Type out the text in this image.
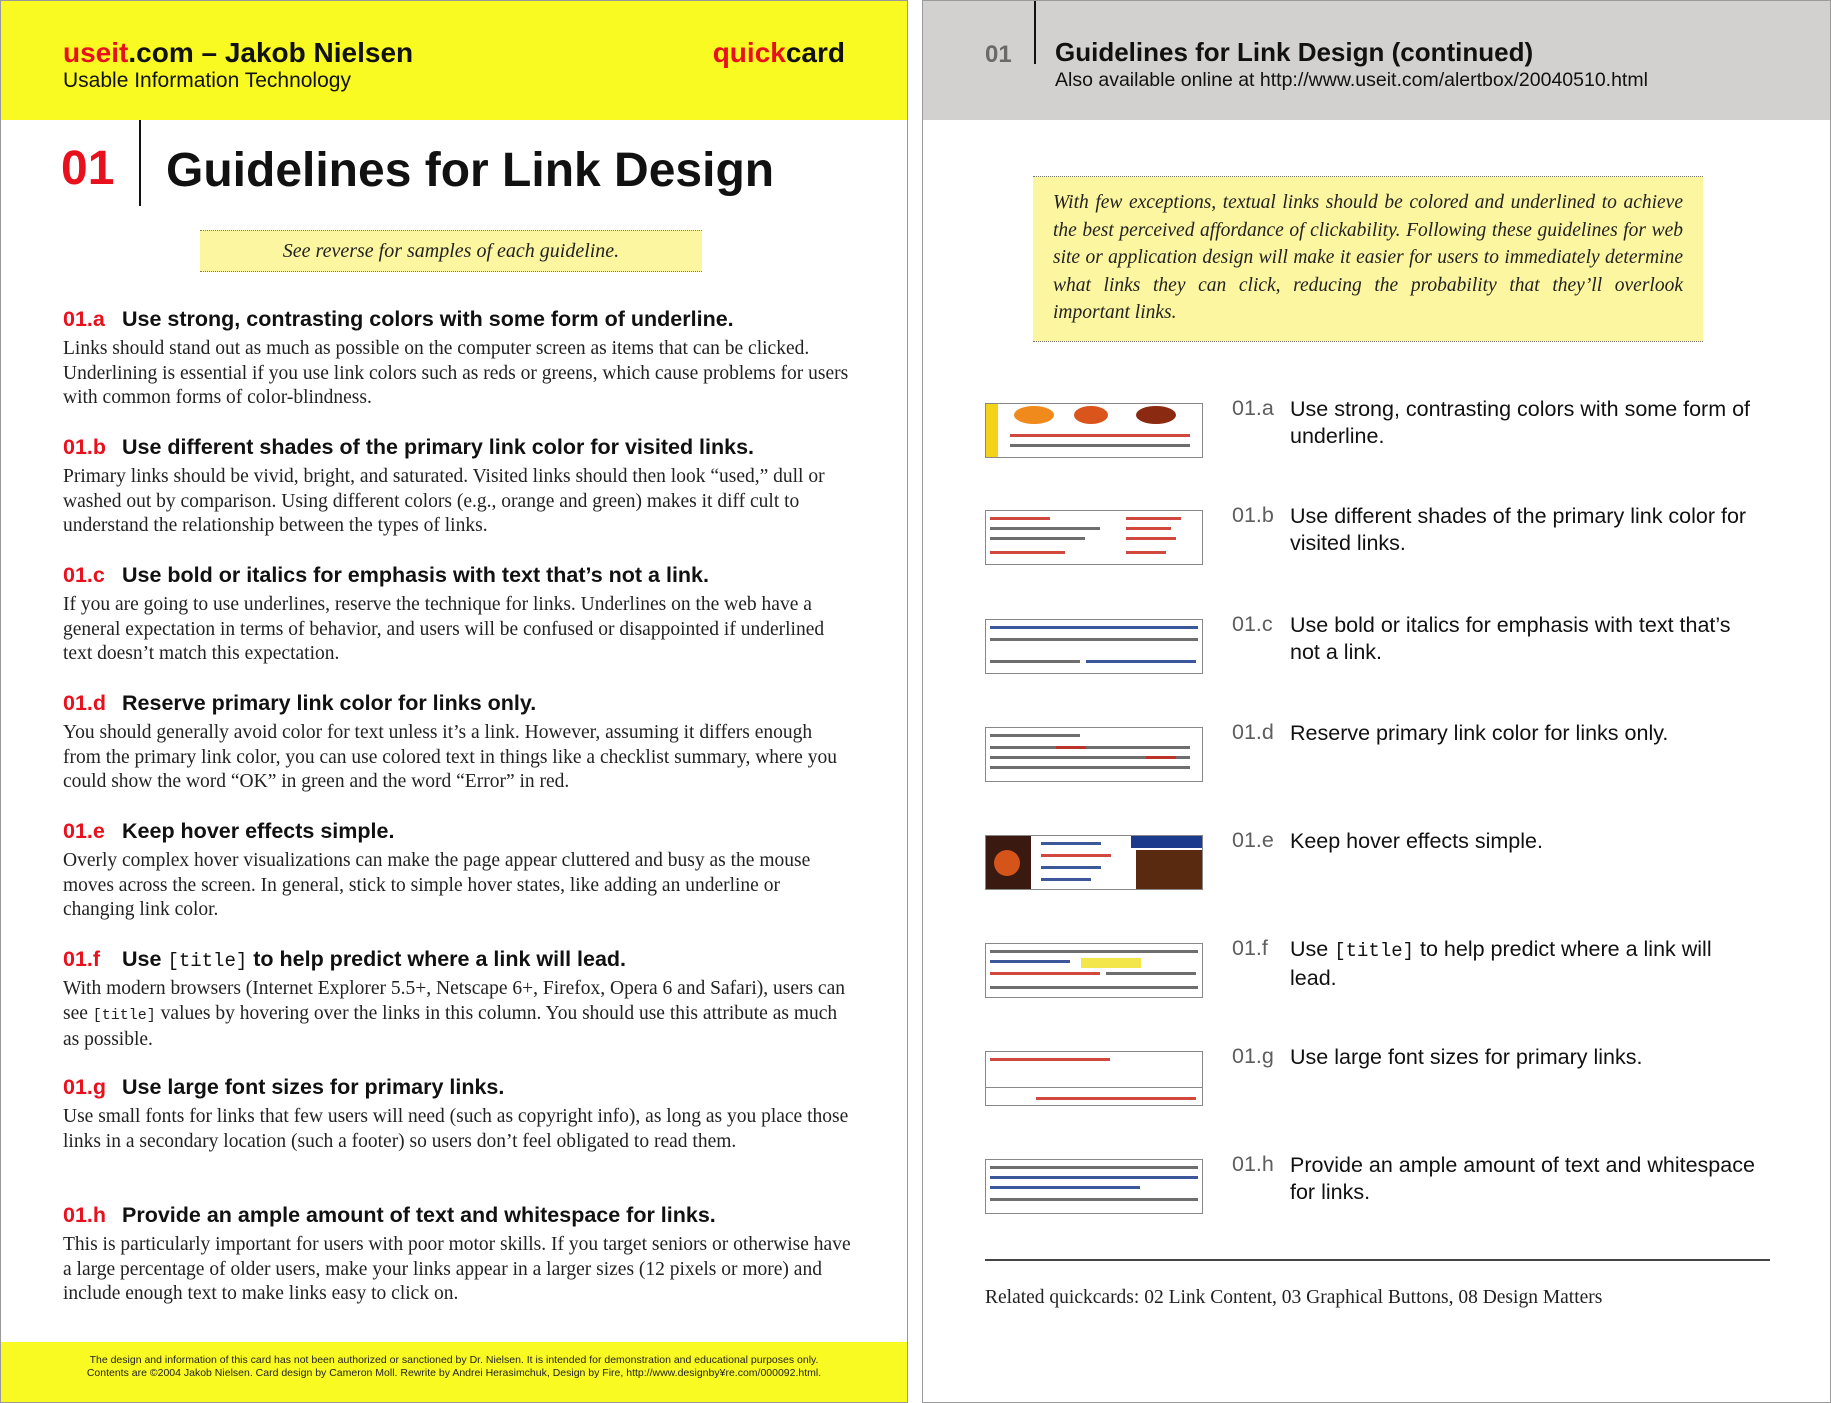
useit.com – Jakob Nielsen
Usable Information Technology
quickcard
01 Guidelines for Link Design
See reverse for samples of each guideline.
01.a Use strong, contrasting colors with some form of underline.
Links should stand out as much as possible on the computer screen as items that can be clicked. Underlining is essential if you use link colors such as reds or greens, which cause problems for users with common forms of color-blindness.
01.b Use different shades of the primary link color for visited links.
Primary links should be vivid, bright, and saturated. Visited links should then look “used,” dull or washed out by comparison. Using different colors (e.g., orange and green) makes it diff cult to understand the relationship between the types of links.
01.c Use bold or italics for emphasis with text that’s not a link.
If you are going to use underlines, reserve the technique for links. Underlines on the web have a general expectation in terms of behavior, and users will be confused or disappointed if underlined text doesn’t match this expectation.
01.d Reserve primary link color for links only.
You should generally avoid color for text unless it’s a link. However, assuming it differs enough from the primary link color, you can use colored text in things like a checklist summary, where you could show the word “OK” in green and the word “Error” in red.
01.e Keep hover effects simple.
Overly complex hover visualizations can make the page appear cluttered and busy as the mouse moves across the screen. In general, stick to simple hover states, like adding an underline or changing link color.
01.f Use [title] to help predict where a link will lead.
With modern browsers (Internet Explorer 5.5+, Netscape 6+, Firefox, Opera 6 and Safari), users can see [title] values by hovering over the links in this column. You should use this attribute as much as possible.
01.g Use large font sizes for primary links.
Use small fonts for links that few users will need (such as copyright info), as long as you place those links in a secondary location (such a footer) so users don’t feel obligated to read them.
01.h Provide an ample amount of text and whitespace for links.
This is particularly important for users with poor motor skills. If you target seniors or otherwise have a large percentage of older users, make your links appear in a larger sizes (12 pixels or more) and include enough text to make links easy to click on.
The design and information of this card has not been authorized or sanctioned by Dr. Nielsen. It is intended for demonstration and educational purposes only.
Contents are ©2004 Jakob Nielsen. Card design by Cameron Moll. Rewrite by Andrei Herasimchuk, Design by Fire, http://www.designby¥re.com/000092.html.
01 Guidelines for Link Design (continued)
Also available online at http://www.useit.com/alertbox/20040510.html
With few exceptions, textual links should be colored and underlined to achieve the best perceived affordance of clickability. Following these guidelines for web site or application design will make it easier for users to immediately determine what links they can click, reducing the probability that they’ll overlook important links.
01.a Use strong, contrasting colors with some form of underline.
01.b Use different shades of the primary link color for visited links.
01.c Use bold or italics for emphasis with text that’s not a link.
01.d Reserve primary link color for links only.
01.e Keep hover effects simple.
01.f Use [title] to help predict where a link will lead.
01.g Use large font sizes for primary links.
01.h Provide an ample amount of text and whitespace for links.
Related quickcards: 02 Link Content, 03 Graphical Buttons, 08 Design Matters
